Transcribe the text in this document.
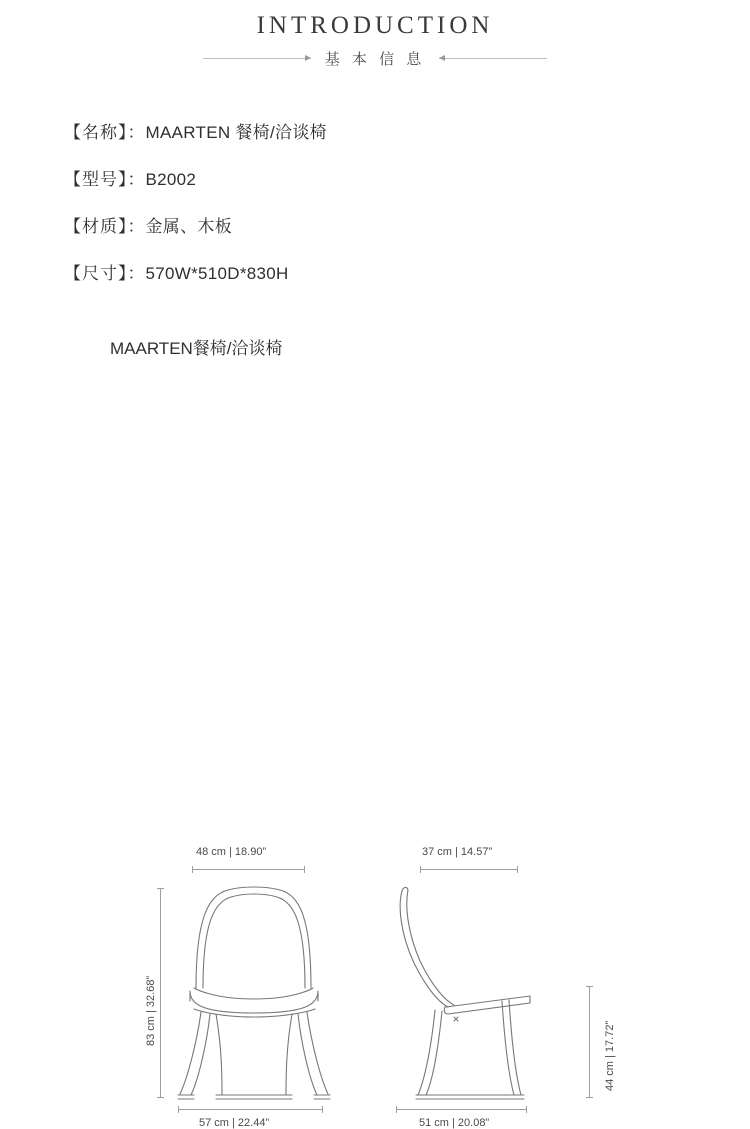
INTRODUCTION
基 本 信 息
【名称】：MAARTEN 餐椅/洽谈椅
【型号】：B2002
【材质】：金属、木板
【尺寸】：570W*510D*830H
MAARTEN餐椅/洽谈椅
48 cm | 18.90”
83 cm | 32.68”
57 cm | 22.44”
37 cm | 14.57”
44 cm | 17.72”
51 cm | 20.08”
